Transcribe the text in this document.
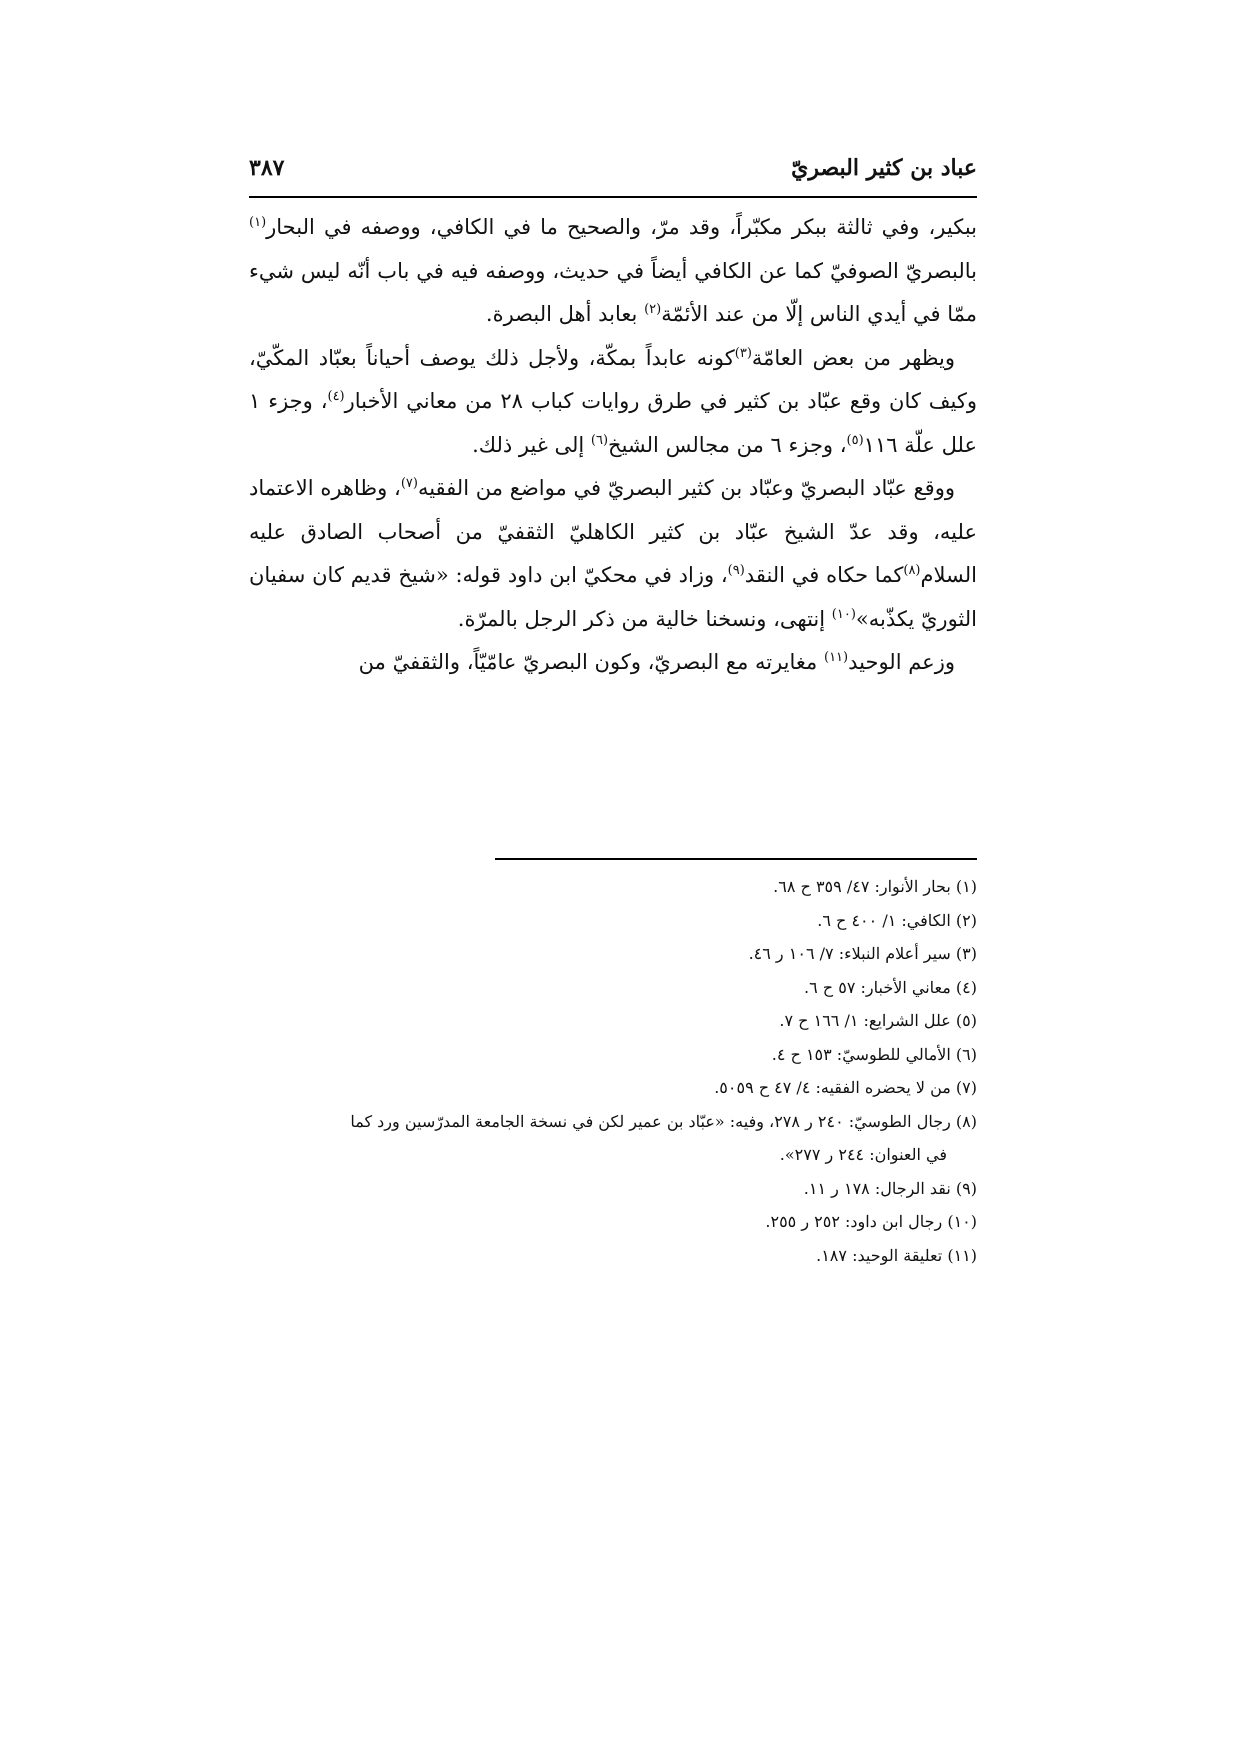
عباد بن كثير البصريّ
٣٨٧

ببكير، وفي ثالثة ببكر مكبّراً، وقد مرّ، والصحيح ما في الكافي، ووصفه في البحار$^{(١)}$ بالبصريّ الصوفيّ كما عن الكافي أيضاً في حديث، ووصفه فيه في باب أنّه ليس شيء ممّا في أيدي الناس إلّا من عند الأئمّة$^{(٢)}$ بعابد أهل البصرة.

ويظهر من بعض العامّة$^{(٣)}$كونه عابداً بمكّة، ولأجل ذلك يوصف أحياناً بعبّاد المكّيّ، وكيف كان وقع عبّاد بن كثير في طرق روايات كباب ٢٨ من معاني الأخبار$^{(٤)}$، وجزء ١ علل علّة ١١٦$^{(٥)}$، وجزء ٦ من مجالس الشيخ$^{(٦)}$ إلى غير ذلك.

ووقع عبّاد البصريّ وعبّاد بن كثير البصريّ في مواضع من الفقيه$^{(٧)}$، وظاهره الاعتماد عليه، وقد عدّ الشيخ عبّاد بن كثير الكاهليّ الثقفيّ من أصحاب الصادق عليه السلام$^{(٨)}$كما حكاه في النقد$^{(٩)}$، وزاد في محكيّ ابن داود قوله: «شيخ قديم كان سفيان الثوريّ يكذّبه»$^{(١٠)}$ إنتهى، ونسخنا خالية من ذكر الرجل بالمرّة.

وزعم الوحيد$^{(١١)}$ مغايرته مع البصريّ، وكون البصريّ عامّيّاً، والثقفيّ من

(١) بحار الأنوار: ٤٧/ ٣٥٩ ح ٦٨.
(٢) الكافي: ١/ ٤٠٠ ح ٦.
(٣) سير أعلام النبلاء: ٧/ ١٠٦ ر ٤٦.
(٤) معاني الأخبار: ٥٧ ح ٦.
(٥) علل الشرايع: ١/ ١٦٦ ح ٧.
(٦) الأمالي للطوسيّ: ١٥٣ ح ٤.
(٧) من لا يحضره الفقيه: ٤/ ٤٧ ح ٥٠٥٩.
(٨) رجال الطوسيّ: ٢٤٠ ر ٢٧٨، وفيه: «عبّاد بن عمير لكن في نسخة الجامعة المدرّسين ورد كما
في العنوان: ٢٤٤ ر ٢٧٧».
(٩) نقد الرجال: ١٧٨ ر ١١.
(١٠) رجال ابن داود: ٢٥٢ ر ٢٥٥.
(١١) تعليقة الوحيد: ١٨٧.
